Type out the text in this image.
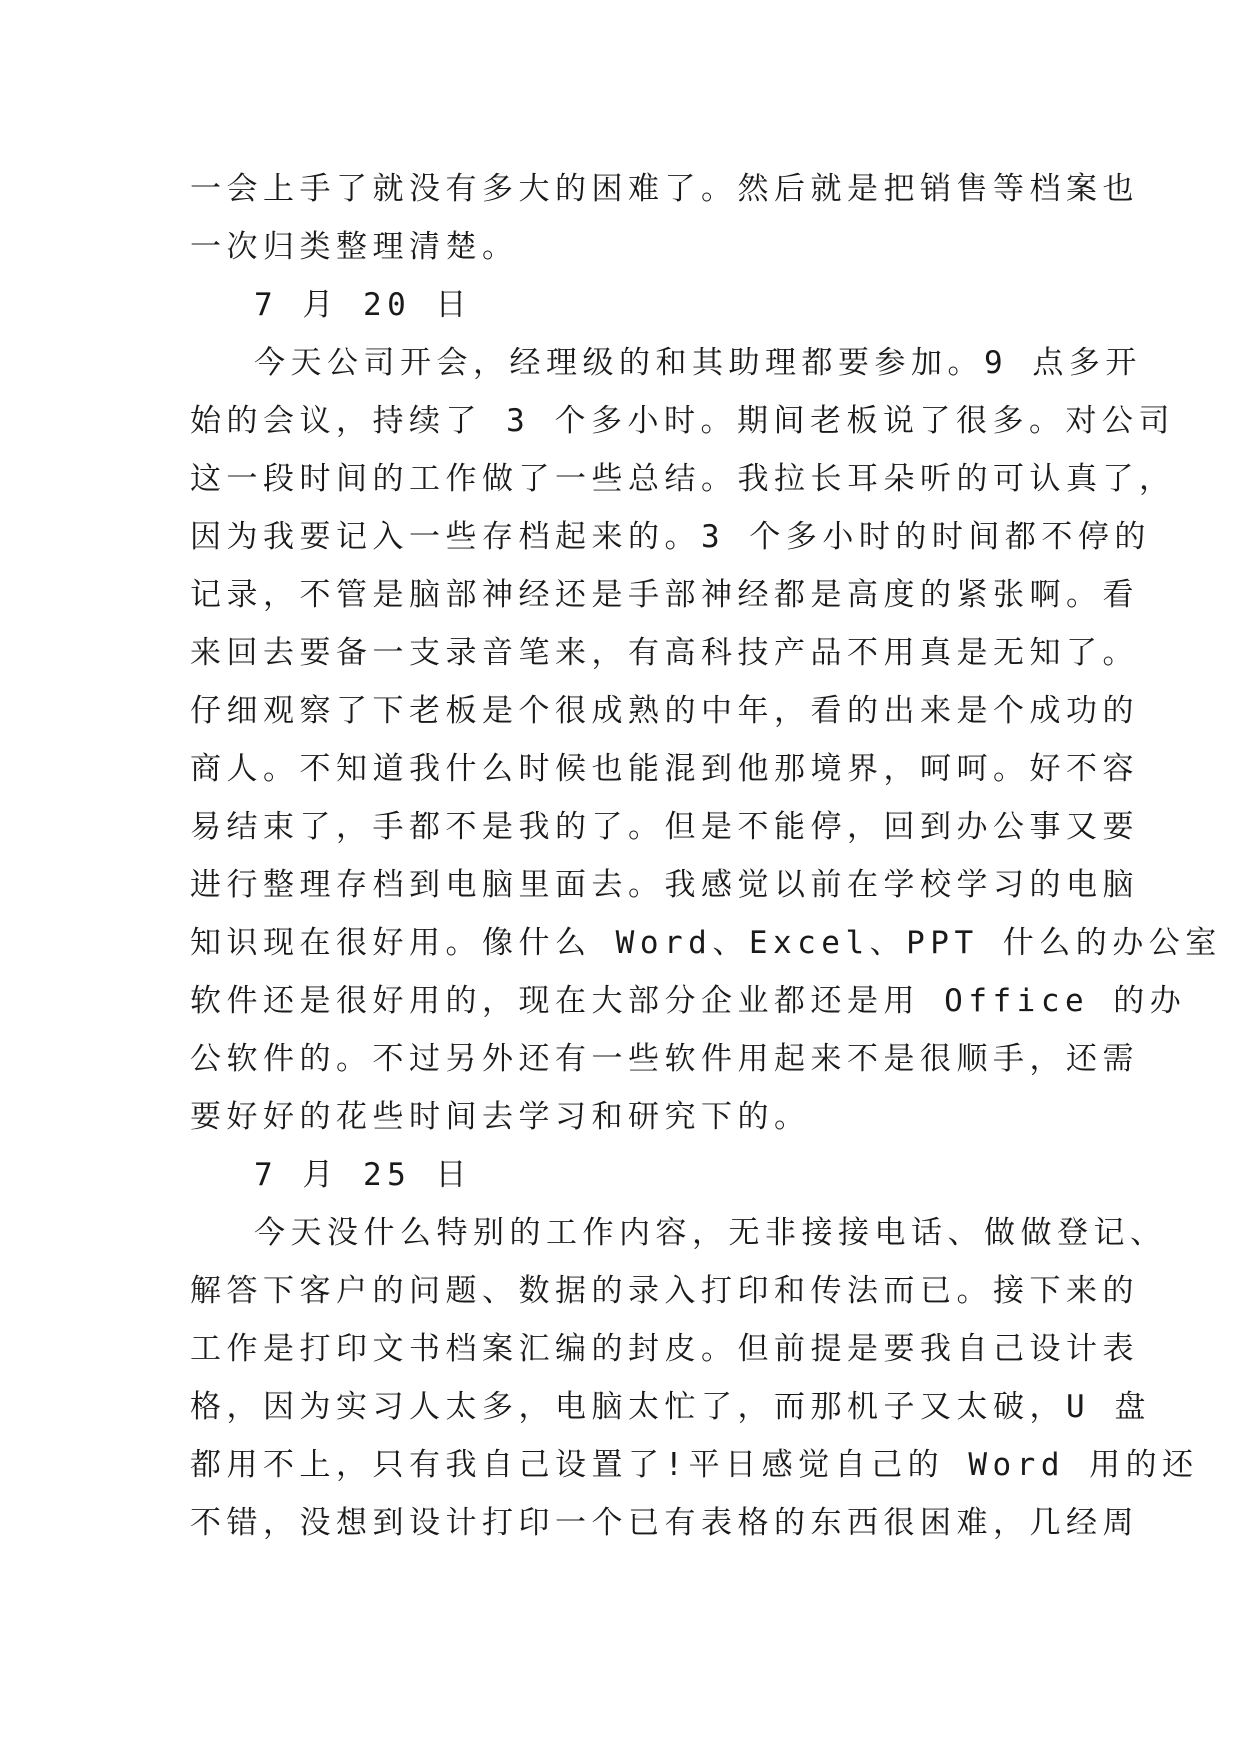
一会上手了就没有多大的困难了。然后就是把销售等档案也
一次归类整理清楚。
7 月 20 日
今天公司开会，经理级的和其助理都要参加。9 点多开
始的会议，持续了 3 个多小时。期间老板说了很多。对公司
这一段时间的工作做了一些总结。我拉长耳朵听的可认真了，
因为我要记入一些存档起来的。3 个多小时的时间都不停的
记录，不管是脑部神经还是手部神经都是高度的紧张啊。看
来回去要备一支录音笔来，有高科技产品不用真是无知了。
仔细观察了下老板是个很成熟的中年，看的出来是个成功的
商人。不知道我什么时候也能混到他那境界，呵呵。好不容
易结束了，手都不是我的了。但是不能停，回到办公事又要
进行整理存档到电脑里面去。我感觉以前在学校学习的电脑
知识现在很好用。像什么 Word、Excel、PPT 什么的办公室
软件还是很好用的，现在大部分企业都还是用 Office 的办
公软件的。不过另外还有一些软件用起来不是很顺手，还需
要好好的花些时间去学习和研究下的。
7 月 25 日
今天没什么特别的工作内容，无非接接电话、做做登记、
解答下客户的问题、数据的录入打印和传法而已。接下来的
工作是打印文书档案汇编的封皮。但前提是要我自己设计表
格，因为实习人太多，电脑太忙了，而那机子又太破，U 盘
都用不上，只有我自己设置了!平日感觉自己的 Word 用的还
不错，没想到设计打印一个已有表格的东西很困难，几经周
